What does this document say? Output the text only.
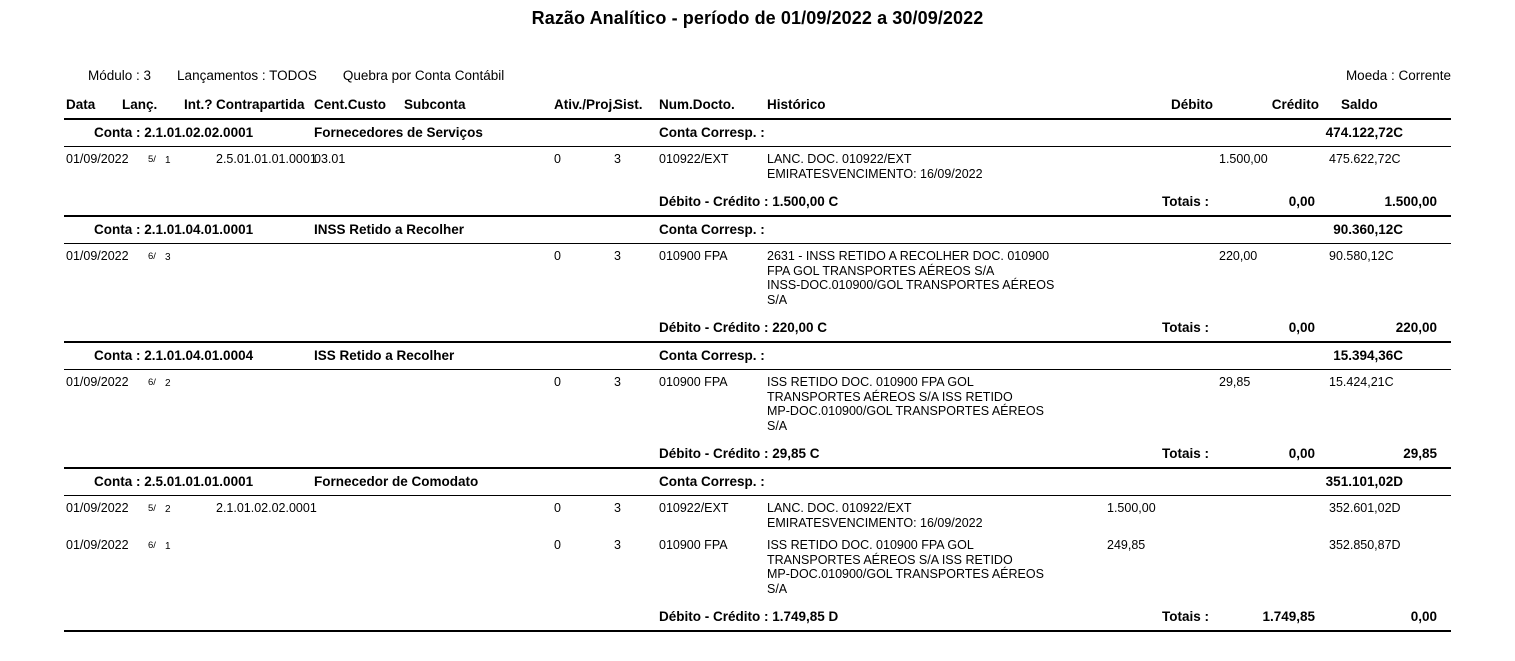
Razão Analítico - período de 01/09/2022 a 30/09/2022
Módulo : 3 Lançamentos : TODOS Quebra por Conta Contábil	Moeda : Corrente
Data	Lanç.	Int.?	Contrapartida	Cent.Custo	Subconta	Ativ./Proj.	Sist.	Num.Docto.	Histórico	Débito	Crédito	Saldo

Conta : 2.1.01.02.02.0001				Fornecedores de Serviços				Conta Corresp. :			474.122,72C	

01/09/2022	5/ 1		2.5.01.01.01.0001	03.01		0	3	010922/EXT	LANC. DOC. 010922/EXT
EMIRATESVENCIMENTO: 16/09/2022		1.500,00	475.622,72C
								Débito - Crédito : 1.500,00 C		Totais :	0,00	1.500,00

Conta : 2.1.01.04.01.0001				INSS Retido a Recolher				Conta Corresp. :			90.360,12C	

01/09/2022	6/ 3					0	3	010900 FPA	2631 - INSS RETIDO A RECOLHER DOC. 010900
FPA GOL TRANSPORTES AÉREOS S/A
INSS-DOC.010900/GOL TRANSPORTES AÉREOS
S/A		220,00	90.580,12C
								Débito - Crédito : 220,00 C		Totais :	0,00	220,00

Conta : 2.1.01.04.01.0004				ISS Retido a Recolher				Conta Corresp. :			15.394,36C	

01/09/2022	6/ 2					0	3	010900 FPA	ISS RETIDO DOC. 010900 FPA GOL
TRANSPORTES AÉREOS S/A ISS RETIDO
MP-DOC.010900/GOL TRANSPORTES AÉREOS
S/A		29,85	15.424,21C
								Débito - Crédito : 29,85 C		Totais :	0,00	29,85

Conta : 2.5.01.01.01.0001				Fornecedor de Comodato				Conta Corresp. :			351.101,02D	

01/09/2022	5/ 2		2.1.01.02.02.0001			0	3	010922/EXT	LANC. DOC. 010922/EXT
EMIRATESVENCIMENTO: 16/09/2022	1.500,00		352.601,02D
01/09/2022	6/ 1					0	3	010900 FPA	ISS RETIDO DOC. 010900 FPA GOL
TRANSPORTES AÉREOS S/A ISS RETIDO
MP-DOC.010900/GOL TRANSPORTES AÉREOS
S/A	249,85		352.850,87D
								Débito - Crédito : 1.749,85 D		Totais :	1.749,85	0,00
